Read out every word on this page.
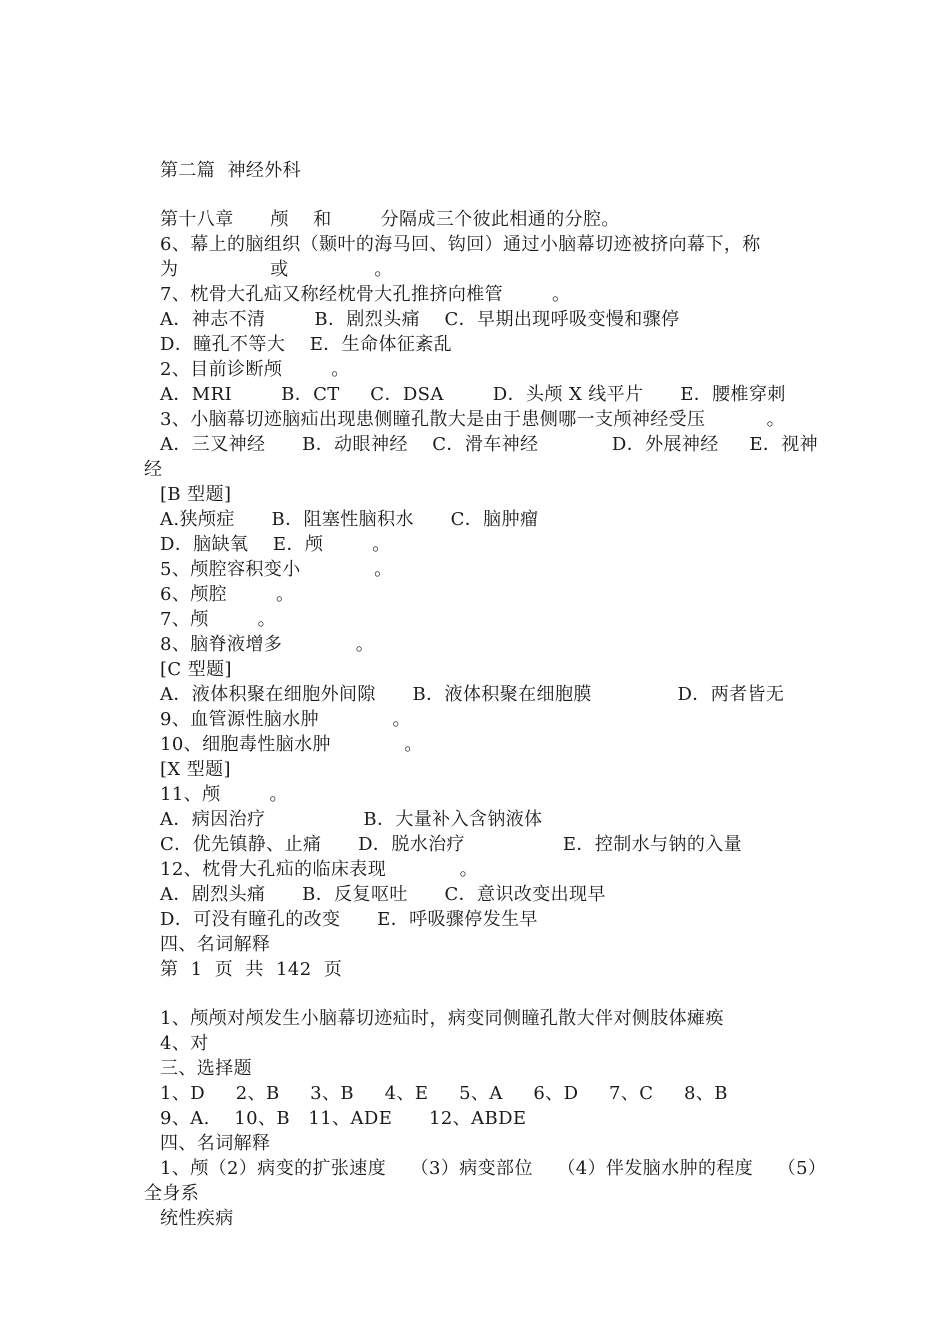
第二篇  神经外科
第十八章      颅    和        分隔成三个彼此相通的分腔。
6、幕上的脑组织（颞叶的海马回、钩回）通过小脑幕切迹被挤向幕下，称
为               或              。
7、枕骨大孔疝又称经枕骨大孔推挤向椎管        。
A．神志不清        B．剧烈头痛    C．早期出现呼吸变慢和骤停
D．瞳孔不等大    E．生命体征紊乱
2、目前诊断颅        。
A．MRI        B．CT     C．DSA        D．头颅 X 线平片      E．腰椎穿刺
3、小脑幕切迹脑疝出现患侧瞳孔散大是由于患侧哪一支颅神经受压          。
A．三叉神经      B．动眼神经    C．滑车神经            D．外展神经     E．视神
经
[B 型题]
A.狭颅症      B．阻塞性脑积水      C．脑肿瘤
D．脑缺氧    E．颅        。
5、颅腔容积变小            。
6、颅腔        。
7、颅        。
8、脑脊液增多            。
[C 型题]
A．液体积聚在细胞外间隙      B．液体积聚在细胞膜              D．两者皆无
9、血管源性脑水肿            。
10、细胞毒性脑水肿            。
[X 型题]
11、颅        。
A．病因治疗                B．大量补入含钠液体
C．优先镇静、止痛      D．脱水治疗                E．控制水与钠的入量
12、枕骨大孔疝的临床表现            。
A．剧烈头痛      B．反复呕吐      C．意识改变出现早
D．可没有瞳孔的改变      E．呼吸骤停发生早
四、名词解释
第  1  页  共  142  页
1、颅颅对颅发生小脑幕切迹疝时，病变同侧瞳孔散大伴对侧肢体瘫痪
4、对
三、选择题
1、D     2、B     3、B     4、E     5、A     6、D     7、C     8、B
9、A.    10、B   11、ADE      12、ABDE
四、名词解释
1、颅（2）病变的扩张速度    （3）病变部位    （4）伴发脑水肿的程度    （5）
全身系
统性疾病
